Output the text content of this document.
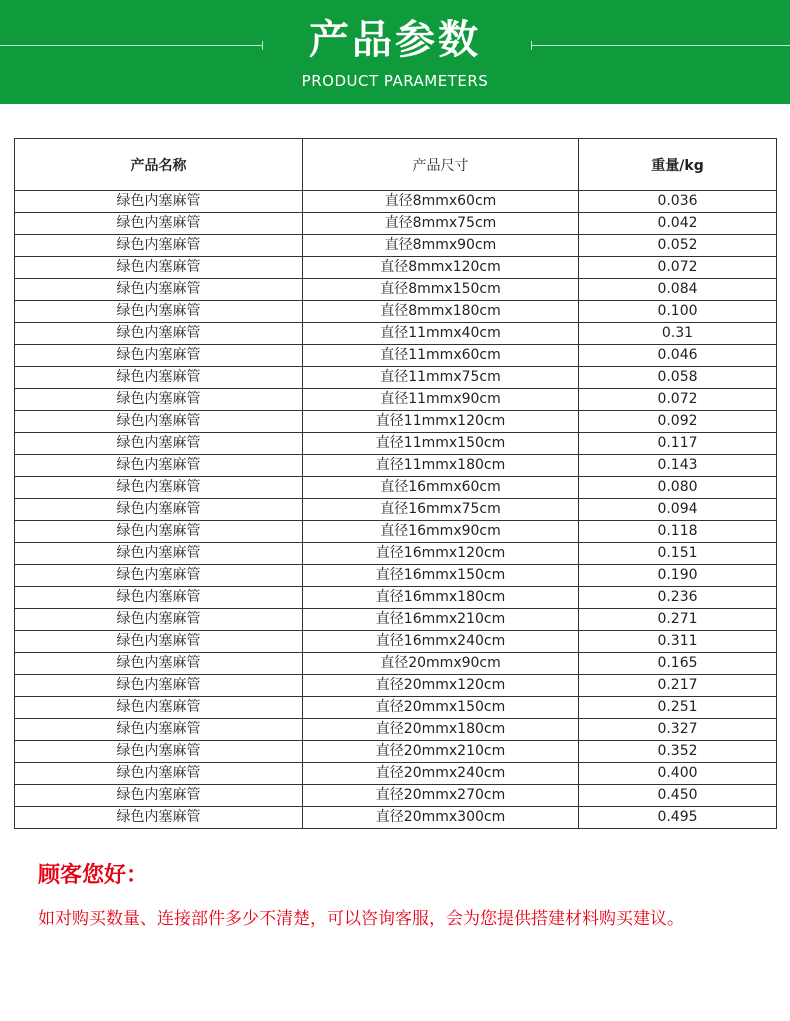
产品参数
PRODUCT PARAMETERS
产品名称	产品尺寸	重量/kg
绿色内塞麻管	直径8mmx60cm	0.036
绿色内塞麻管	直径8mmx75cm	0.042
绿色内塞麻管	直径8mmx90cm	0.052
绿色内塞麻管	直径8mmx120cm	0.072
绿色内塞麻管	直径8mmx150cm	0.084
绿色内塞麻管	直径8mmx180cm	0.100
绿色内塞麻管	直径11mmx40cm	0.31
绿色内塞麻管	直径11mmx60cm	0.046
绿色内塞麻管	直径11mmx75cm	0.058
绿色内塞麻管	直径11mmx90cm	0.072
绿色内塞麻管	直径11mmx120cm	0.092
绿色内塞麻管	直径11mmx150cm	0.117
绿色内塞麻管	直径11mmx180cm	0.143
绿色内塞麻管	直径16mmx60cm	0.080
绿色内塞麻管	直径16mmx75cm	0.094
绿色内塞麻管	直径16mmx90cm	0.118
绿色内塞麻管	直径16mmx120cm	0.151
绿色内塞麻管	直径16mmx150cm	0.190
绿色内塞麻管	直径16mmx180cm	0.236
绿色内塞麻管	直径16mmx210cm	0.271
绿色内塞麻管	直径16mmx240cm	0.311
绿色内塞麻管	直径20mmx90cm	0.165
绿色内塞麻管	直径20mmx120cm	0.217
绿色内塞麻管	直径20mmx150cm	0.251
绿色内塞麻管	直径20mmx180cm	0.327
绿色内塞麻管	直径20mmx210cm	0.352
绿色内塞麻管	直径20mmx240cm	0.400
绿色内塞麻管	直径20mmx270cm	0.450
绿色内塞麻管	直径20mmx300cm	0.495
顾客您好：
如对购买数量、连接部件多少不清楚，可以咨询客服，会为您提供搭建材料购买建议。
